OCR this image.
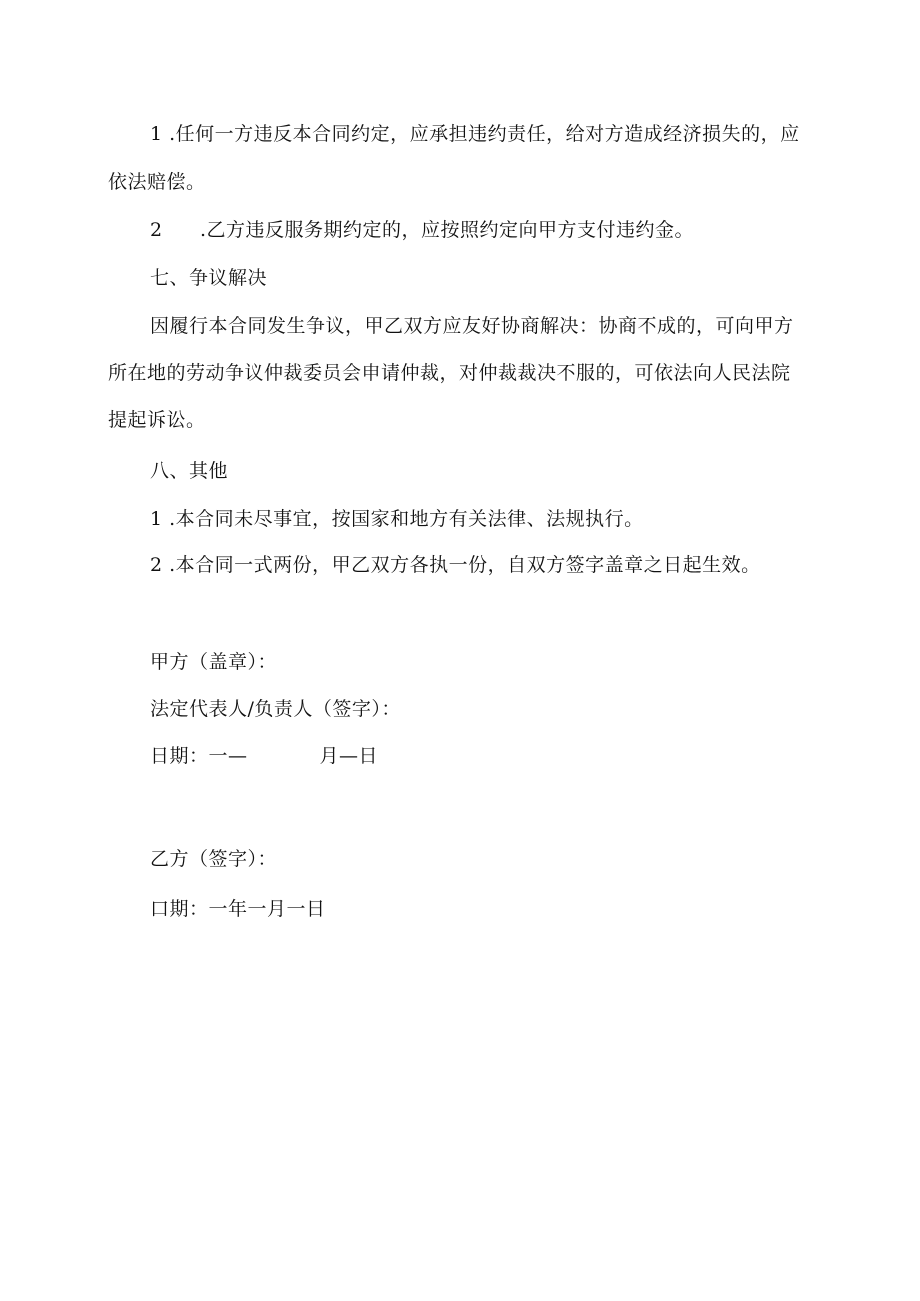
1 .任何一方违反本合同约定，应承担违约责任，给对方造成经济损失的，应
依法赔偿。
2 .乙方违反服务期约定的，应按照约定向甲方支付违约金。
七、争议解决
因履行本合同发生争议，甲乙双方应友好协商解决：协商不成的，可向甲方
所在地的劳动争议仲裁委员会申请仲裁，对仲裁裁决不服的，可依法向人民法院
提起诉讼。
八、其他
1 .本合同未尽事宜，按国家和地方有关法律、法规执行。
2 .本合同一式两份，甲乙双方各执一份，自双方签字盖章之日起生效。
甲方（盖章）：
法定代表人/负责人（签字）：
日期：一—	月—日
乙方（签字）：
口期：一年一月一日
